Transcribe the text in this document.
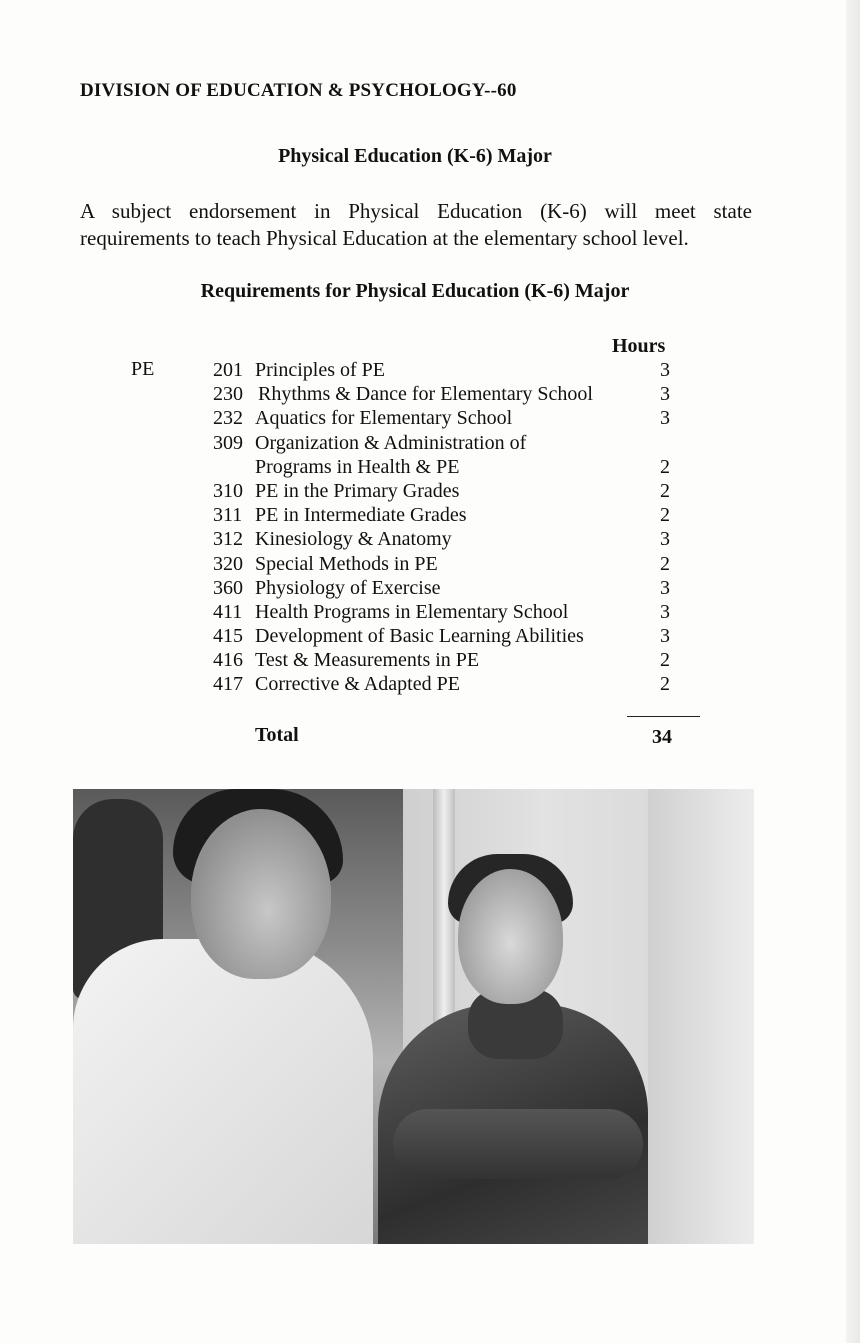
DIVISION OF EDUCATION & PSYCHOLOGY--60
Physical Education (K-6) Major

A subject endorsement in Physical Education (K-6) will meet state requirements to teach Physical Education at the elementary school level.

Requirements for Physical Education (K-6) Major
Hours
PE	201 Principles of PE	3
230 Rhythms & Dance for Elementary School	3
232 Aquatics for Elementary School	3
309 Organization & Administration of Programs in Health & PE	2
310 PE in the Primary Grades	2
311 PE in Intermediate Grades	2
312 Kinesiology & Anatomy	3
320 Special Methods in PE	2
360 Physiology of Exercise	3
411 Health Programs in Elementary School	3
415 Development of Basic Learning Abilities	3
416 Test & Measurements in PE	2
417 Corrective & Adapted PE	2
Total	34
